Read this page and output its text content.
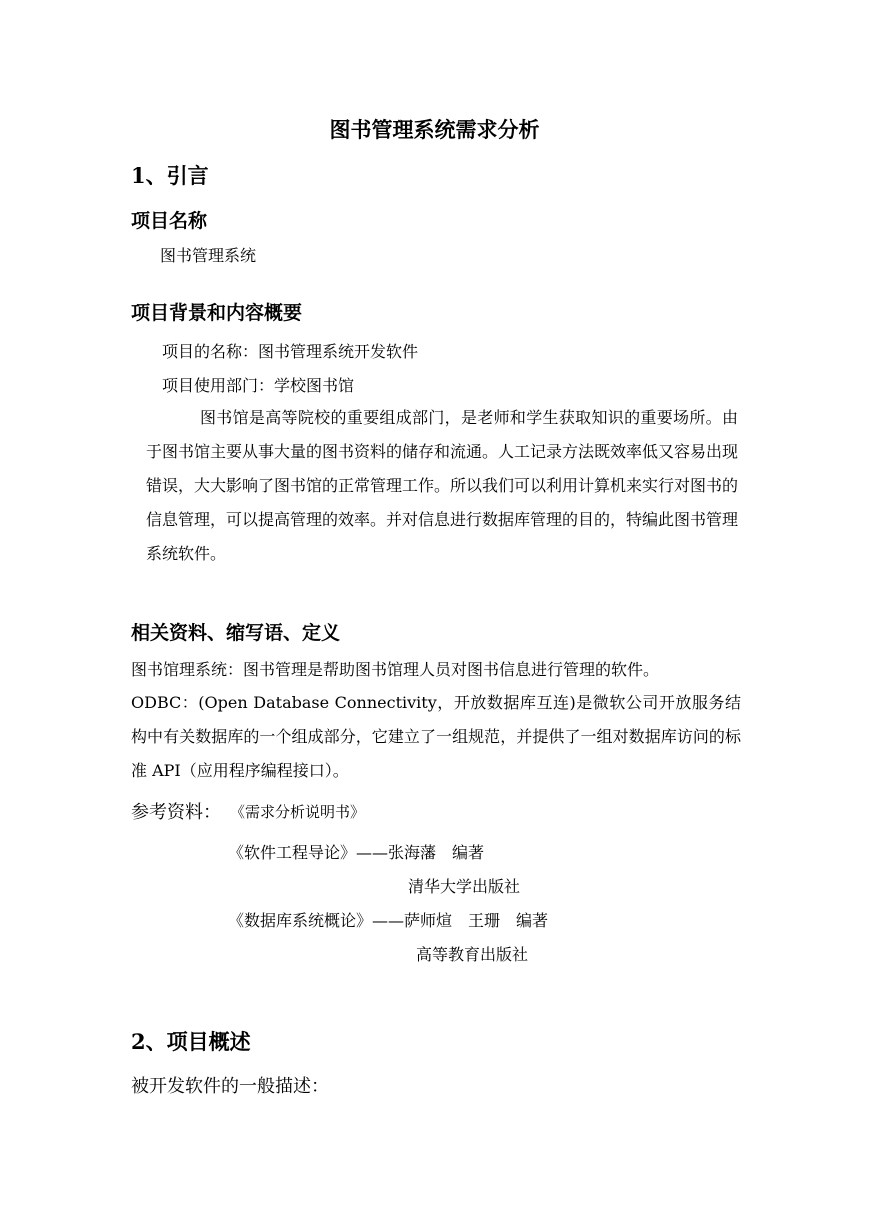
图书管理系统需求分析
1、引言
项目名称

图书管理系统

项目背景和内容概要

项目的名称：图书管理系统开发软件

项目使用部门：学校图书馆

图书馆是高等院校的重要组成部门，是老师和学生获取知识的重要场所。由于图书馆主要从事大量的图书资料的储存和流通。人工记录方法既效率低又容易出现错误，大大影响了图书馆的正常管理工作。所以我们可以利用计算机来实行对图书的信息管理，可以提高管理的效率。并对信息进行数据库管理的目的，特编此图书管理系统软件。

相关资料、缩写语、定义

图书馆理系统：图书管理是帮助图书馆理人员对图书信息进行管理的软件。

ODBC：(Open Database Connectivity，开放数据库互连)是微软公司开放服务结构中有关数据库的一个组成部分，它建立了一组规范，并提供了一组对数据库访问的标准 API（应用程序编程接口）。

参考资料： 《需求分析说明书》

《软件工程导论》——张海藩　编著

清华大学出版社

《数据库系统概论》——萨师煊　王珊　编著

高等教育出版社

2、项目概述

被开发软件的一般描述：
